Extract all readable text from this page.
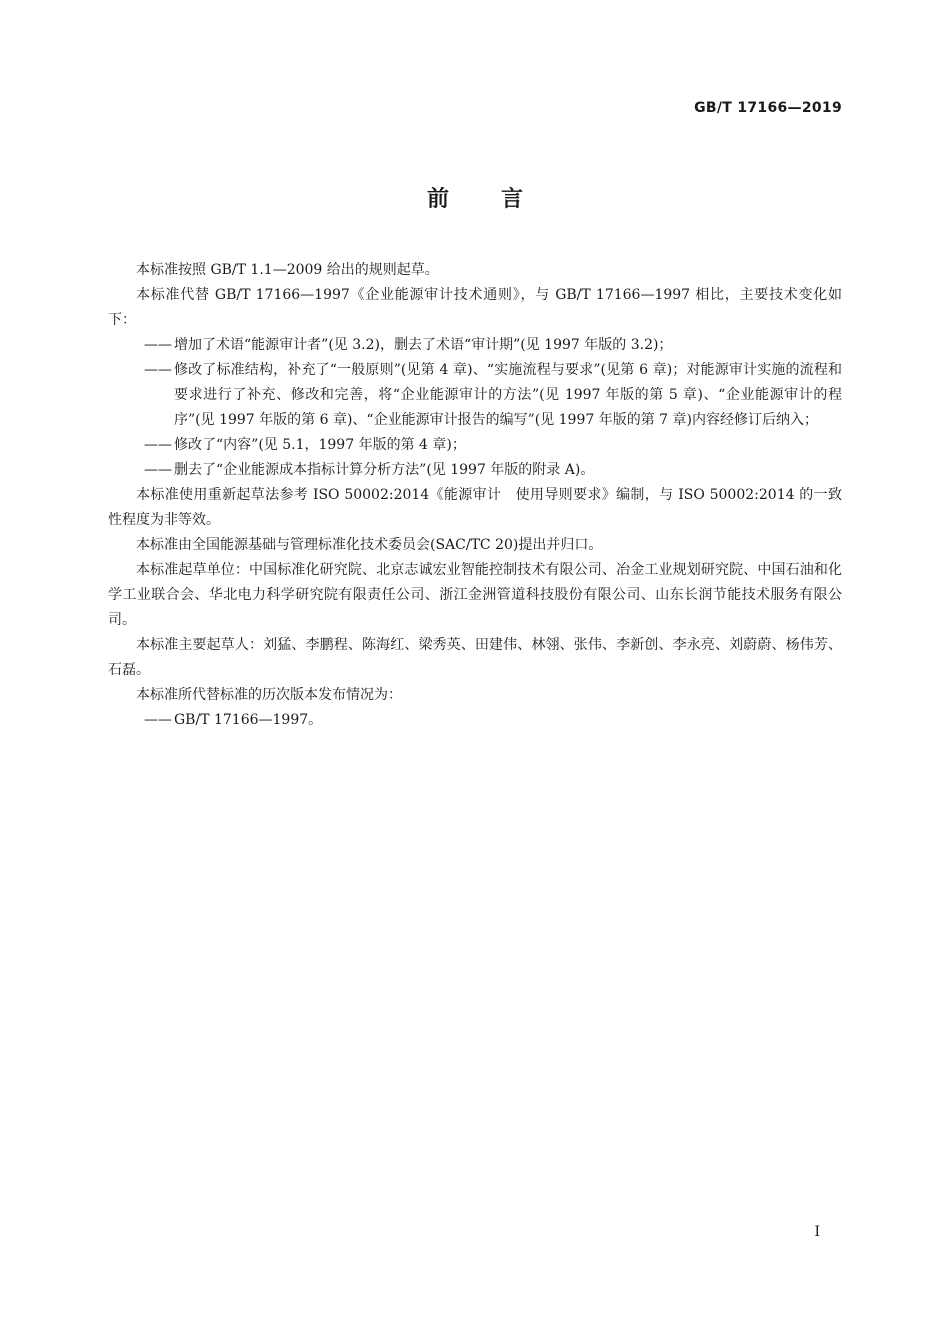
GB/T 17166—2019
前言

本标准按照 GB/T 1.1—2009 给出的规则起草。

本标准代替 GB/T 17166—1997《企业能源审计技术通则》，与 GB/T 17166—1997 相比，主要技术变化如下：

—— 增加了术语“能源审计者”(见 3.2)，删去了术语“审计期”(见 1997 年版的 3.2)；

—— 修改了标准结构，补充了“一般原则”(见第 4 章)、“实施流程与要求”(见第 6 章)；对能源审计实施的流程和要求进行了补充、修改和完善，将“企业能源审计的方法”(见 1997 年版的第 5 章)、“企业能源审计的程序”(见 1997 年版的第 6 章)、“企业能源审计报告的编写”(见 1997 年版的第 7 章)内容经修订后纳入；

—— 修改了“内容”(见 5.1，1997 年版的第 4 章)；

—— 删去了“企业能源成本指标计算分析方法”(见 1997 年版的附录 A)。

本标准使用重新起草法参考 ISO 50002:2014《能源审计　使用导则要求》编制，与 ISO 50002:2014 的一致性程度为非等效。

本标准由全国能源基础与管理标准化技术委员会(SAC/TC 20)提出并归口。

本标准起草单位：中国标准化研究院、北京志诚宏业智能控制技术有限公司、冶金工业规划研究院、中国石油和化学工业联合会、华北电力科学研究院有限责任公司、浙江金洲管道科技股份有限公司、山东长润节能技术服务有限公司。

本标准主要起草人：刘猛、李鹏程、陈海红、梁秀英、田建伟、林翎、张伟、李新创、李永亮、刘蔚蔚、杨伟芳、石磊。

本标准所代替标准的历次版本发布情况为：

—— GB/T 17166—1997。

I
